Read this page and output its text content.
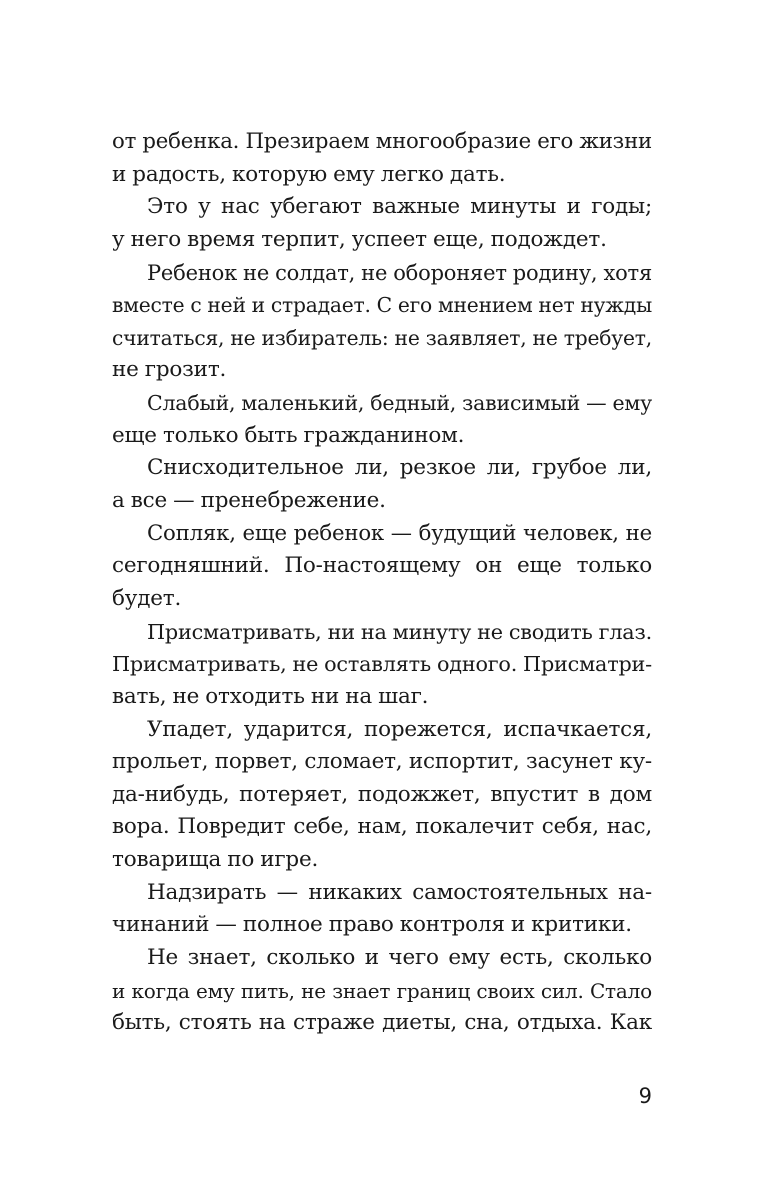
от ребенка. Презираем многообразие его жизни
и радость, которую ему легко дать.
Это у нас убегают важные минуты и годы;
у него время терпит, успеет еще, подождет.
Ребенок не солдат, не обороняет родину, хотя
вместе с ней и страдает. С его мнением нет нужды
считаться, не избиратель: не заявляет, не требует,
не грозит.
Слабый, маленький, бедный, зависимый — ему
еще только быть гражданином.
Снисходительное ли, резкое ли, грубое ли,
а все — пренебрежение.
Сопляк, еще ребенок — будущий человек, не
сегодняшний. По-настоящему он еще только
будет.
Присматривать, ни на минуту не сводить глаз.
Присматривать, не оставлять одного. Присматри-
вать, не отходить ни на шаг.
Упадет, ударится, порежется, испачкается,
прольет, порвет, сломает, испортит, засунет ку-
да-нибудь, потеряет, подожжет, впустит в дом
вора. Повредит себе, нам, покалечит себя, нас,
товарища по игре.
Надзирать — никаких самостоятельных на-
чинаний — полное право контроля и критики.
Не знает, сколько и чего ему есть, сколько
и когда ему пить, не знает границ своих сил. Стало
быть, стоять на страже диеты, сна, отдыха. Как
9
